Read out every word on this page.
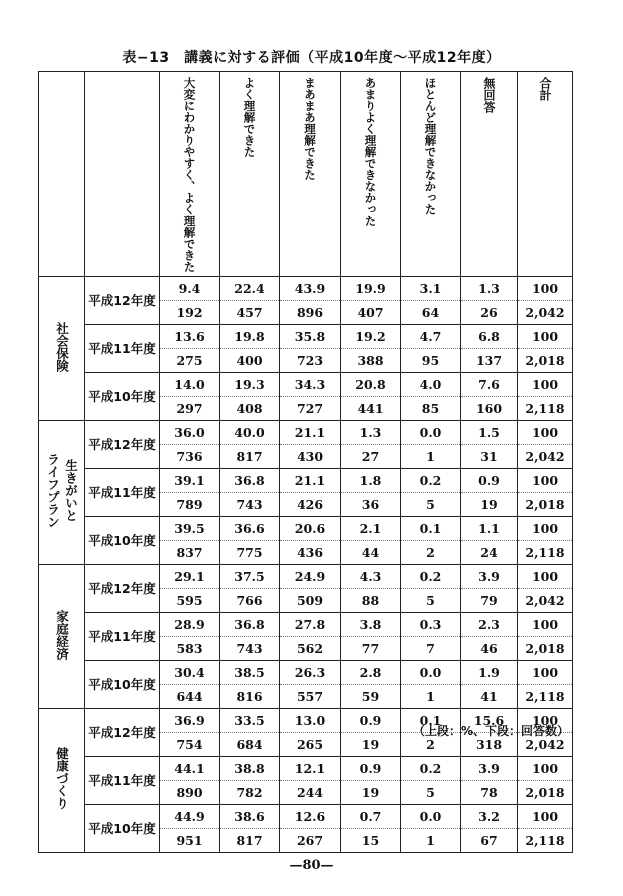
表−13　講義に対する評価（平成10年度〜平成12年度）
		大変にわかりやすく、よく理解できた	よく理解できた	まあまあ理解できた	あまりよく理解できなかった	ほとんど理解できなかった	無回答	合計
社会保険	平成12年度	9.4	22.4	43.9	19.9	3.1	1.3	100
		192	457	896	407	64	26	2,042
	平成11年度	13.6	19.8	35.8	19.2	4.7	6.8	100
		275	400	723	388	95	137	2,018
	平成10年度	14.0	19.3	34.3	20.8	4.0	7.6	100
		297	408	727	441	85	160	2,118

生きがいと
ライフプラン	平成12年度	36.0	40.0	21.1	1.3	0.0	1.5	100
		736	817	430	27	1	31	2,042
	平成11年度	39.1	36.8	21.1	1.8	0.2	0.9	100
		789	743	426	36	5	19	2,018
	平成10年度	39.5	36.6	20.6	2.1	0.1	1.1	100
		837	775	436	44	2	24	2,118
家庭経済	平成12年度	29.1	37.5	24.9	4.3	0.2	3.9	100
		595	766	509	88	5	79	2,042
	平成11年度	28.9	36.8	27.8	3.8	0.3	2.3	100
		583	743	562	77	7	46	2,018
	平成10年度	30.4	38.5	26.3	2.8	0.0	1.9	100
		644	816	557	59	1	41	2,118
健康づくり	平成12年度	36.9	33.5	13.0	0.9	0.1	15.6	100
		754	684	265	19	2	318	2,042
	平成11年度	44.1	38.8	12.1	0.9	0.2	3.9	100
		890	782	244	19	5	78	2,018
	平成10年度	44.9	38.6	12.6	0.7	0.0	3.2	100
		951	817	267	15	1	67	2,118
（上段：%、下段：回答数）
—80—
